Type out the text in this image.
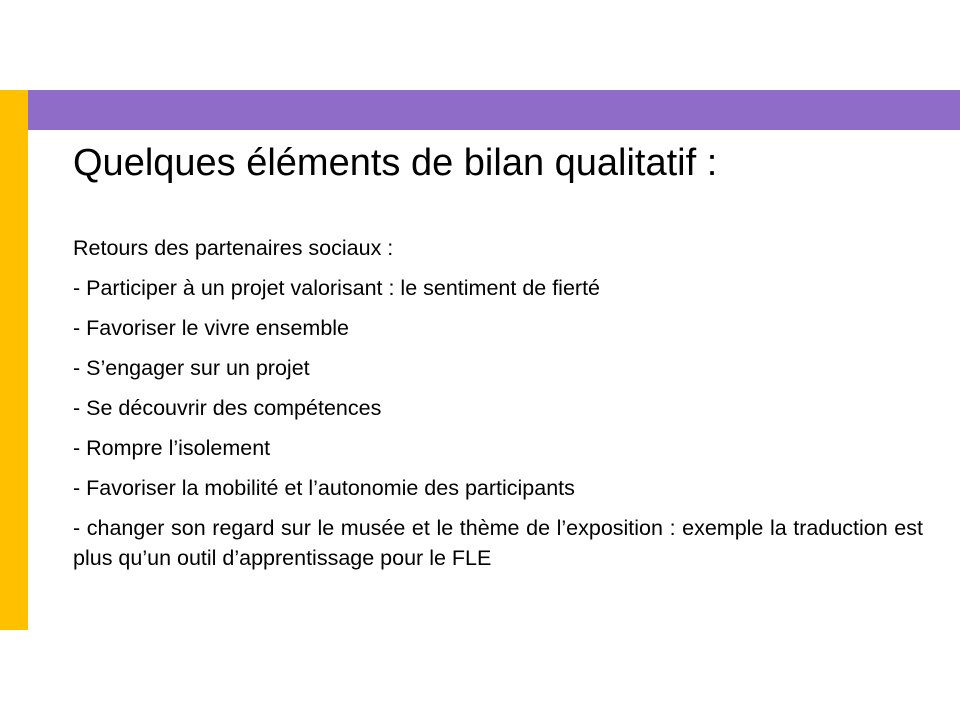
Quelques éléments de bilan qualitatif :
Retours des partenaires sociaux :
- Participer à un projet valorisant : le sentiment de fierté
- Favoriser le vivre ensemble
- S’engager sur un projet
- Se découvrir des compétences
- Rompre l’isolement
- Favoriser la mobilité et l’autonomie des participants
- changer son regard sur le musée et le thème de l’exposition : exemple la traduction est plus qu’un outil d’apprentissage pour le FLE
